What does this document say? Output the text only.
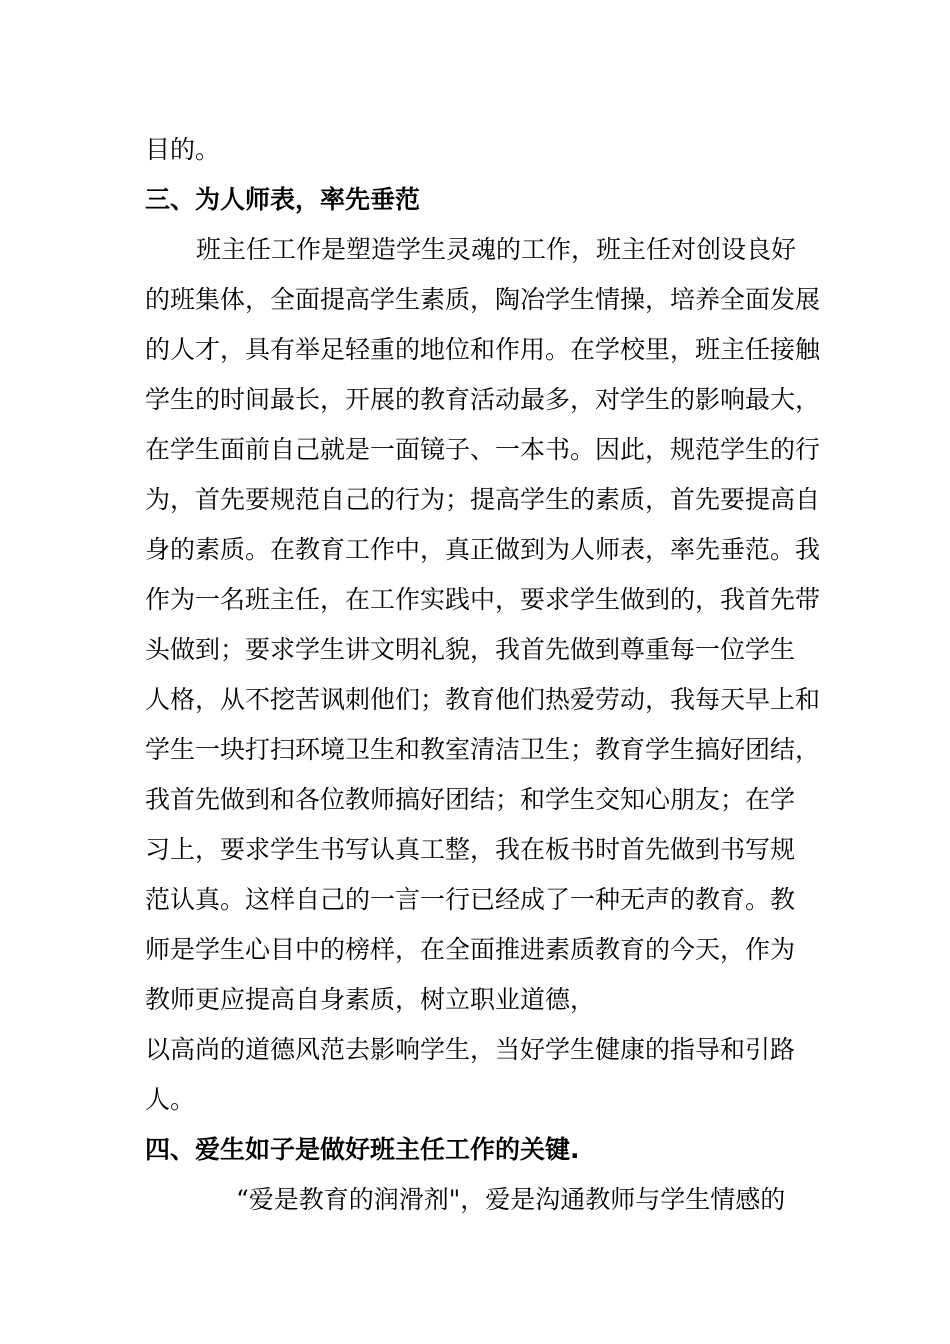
目的。
三、为人师表，率先垂范
班主任工作是塑造学生灵魂的工作，班主任对创设良好
的班集体，全面提高学生素质，陶冶学生情操，培养全面发展
的人才，具有举足轻重的地位和作用。在学校里，班主任接触
学生的时间最长，开展的教育活动最多，对学生的影响最大，
在学生面前自己就是一面镜子、一本书。因此，规范学生的行
为，首先要规范自己的行为；提高学生的素质，首先要提高自
身的素质。在教育工作中，真正做到为人师表，率先垂范。我
作为一名班主任，在工作实践中，要求学生做到的，我首先带
头做到；要求学生讲文明礼貌，我首先做到尊重每一位学生
人格，从不挖苦讽刺他们；教育他们热爱劳动，我每天早上和
学生一块打扫环境卫生和教室清洁卫生；教育学生搞好团结，
我首先做到和各位教师搞好团结；和学生交知心朋友；在学
习上，要求学生书写认真工整，我在板书时首先做到书写规
范认真。这样自己的一言一行已经成了一种无声的教育。教
师是学生心目中的榜样，在全面推进素质教育的今天，作为
教师更应提高自身素质，树立职业道德，
以高尚的道德风范去影响学生，当好学生健康的指导和引路
人。
四、爱生如子是做好班主任工作的关键.
“爱是教育的润滑剂"，爱是沟通教师与学生情感的
